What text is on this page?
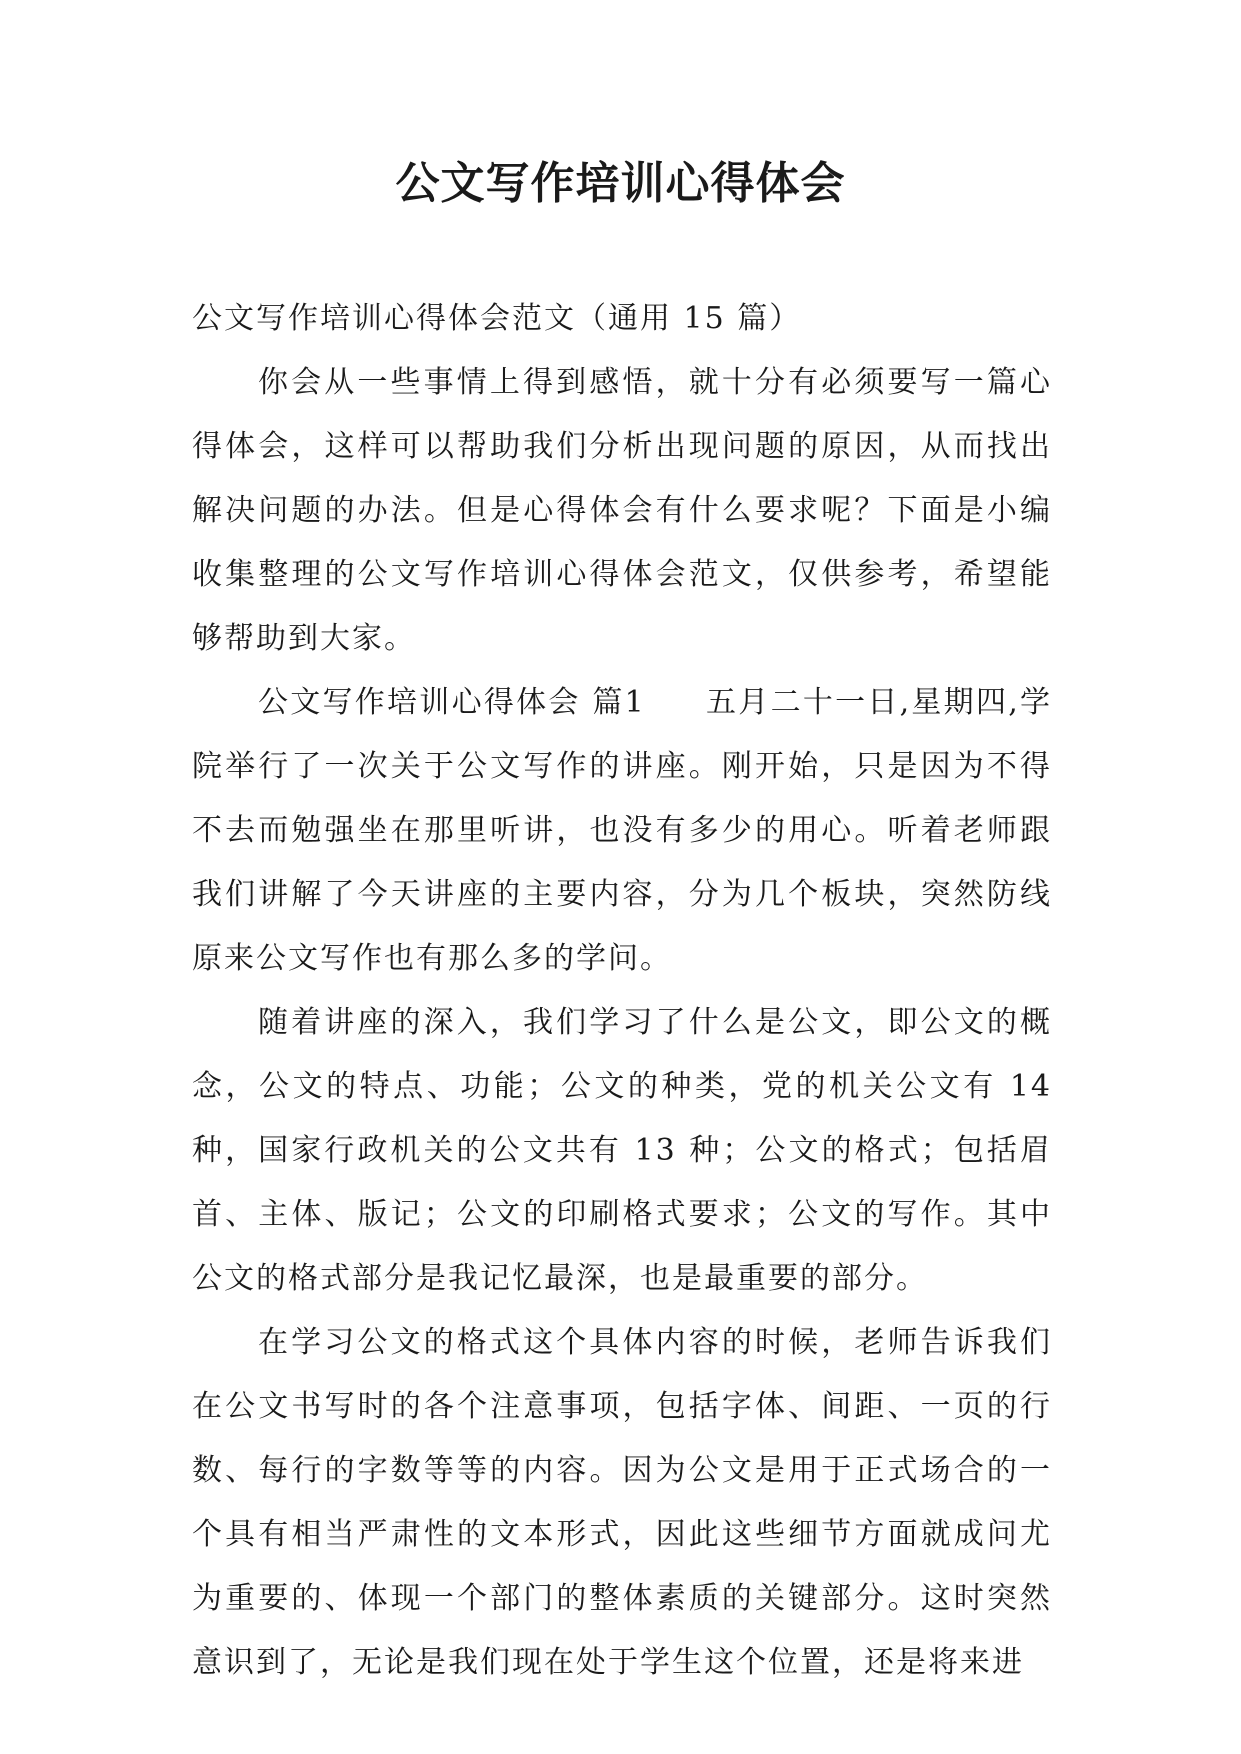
公文写作培训心得体会

公文写作培训心得体会范文（通用 15 篇）

你会从一些事情上得到感悟，就十分有必须要写一篇心得体会，这样可以帮助我们分析出现问题的原因，从而找出解决问题的办法。但是心得体会有什么要求呢？下面是小编收集整理的公文写作培训心得体会范文，仅供参考，希望能够帮助到大家。

公文写作培训心得体会 篇1 五月二十一日,星期四,学院举行了一次关于公文写作的讲座。刚开始，只是因为不得不去而勉强坐在那里听讲，也没有多少的用心。听着老师跟我们讲解了今天讲座的主要内容，分为几个板块，突然防线原来公文写作也有那么多的学问。

随着讲座的深入，我们学习了什么是公文，即公文的概念，公文的特点、功能；公文的种类，党的机关公文有 14 种，国家行政机关的公文共有 13 种；公文的格式；包括眉首、主体、版记；公文的印刷格式要求；公文的写作。其中公文的格式部分是我记忆最深，也是最重要的部分。

在学习公文的格式这个具体内容的时候，老师告诉我们在公文书写时的各个注意事项，包括字体、间距、一页的行数、每行的字数等等的内容。因为公文是用于正式场合的一个具有相当严肃性的文本形式，因此这些细节方面就成问尤为重要的、体现一个部门的整体素质的关键部分。这时突然意识到了，无论是我们现在处于学生这个位置，还是将来进
